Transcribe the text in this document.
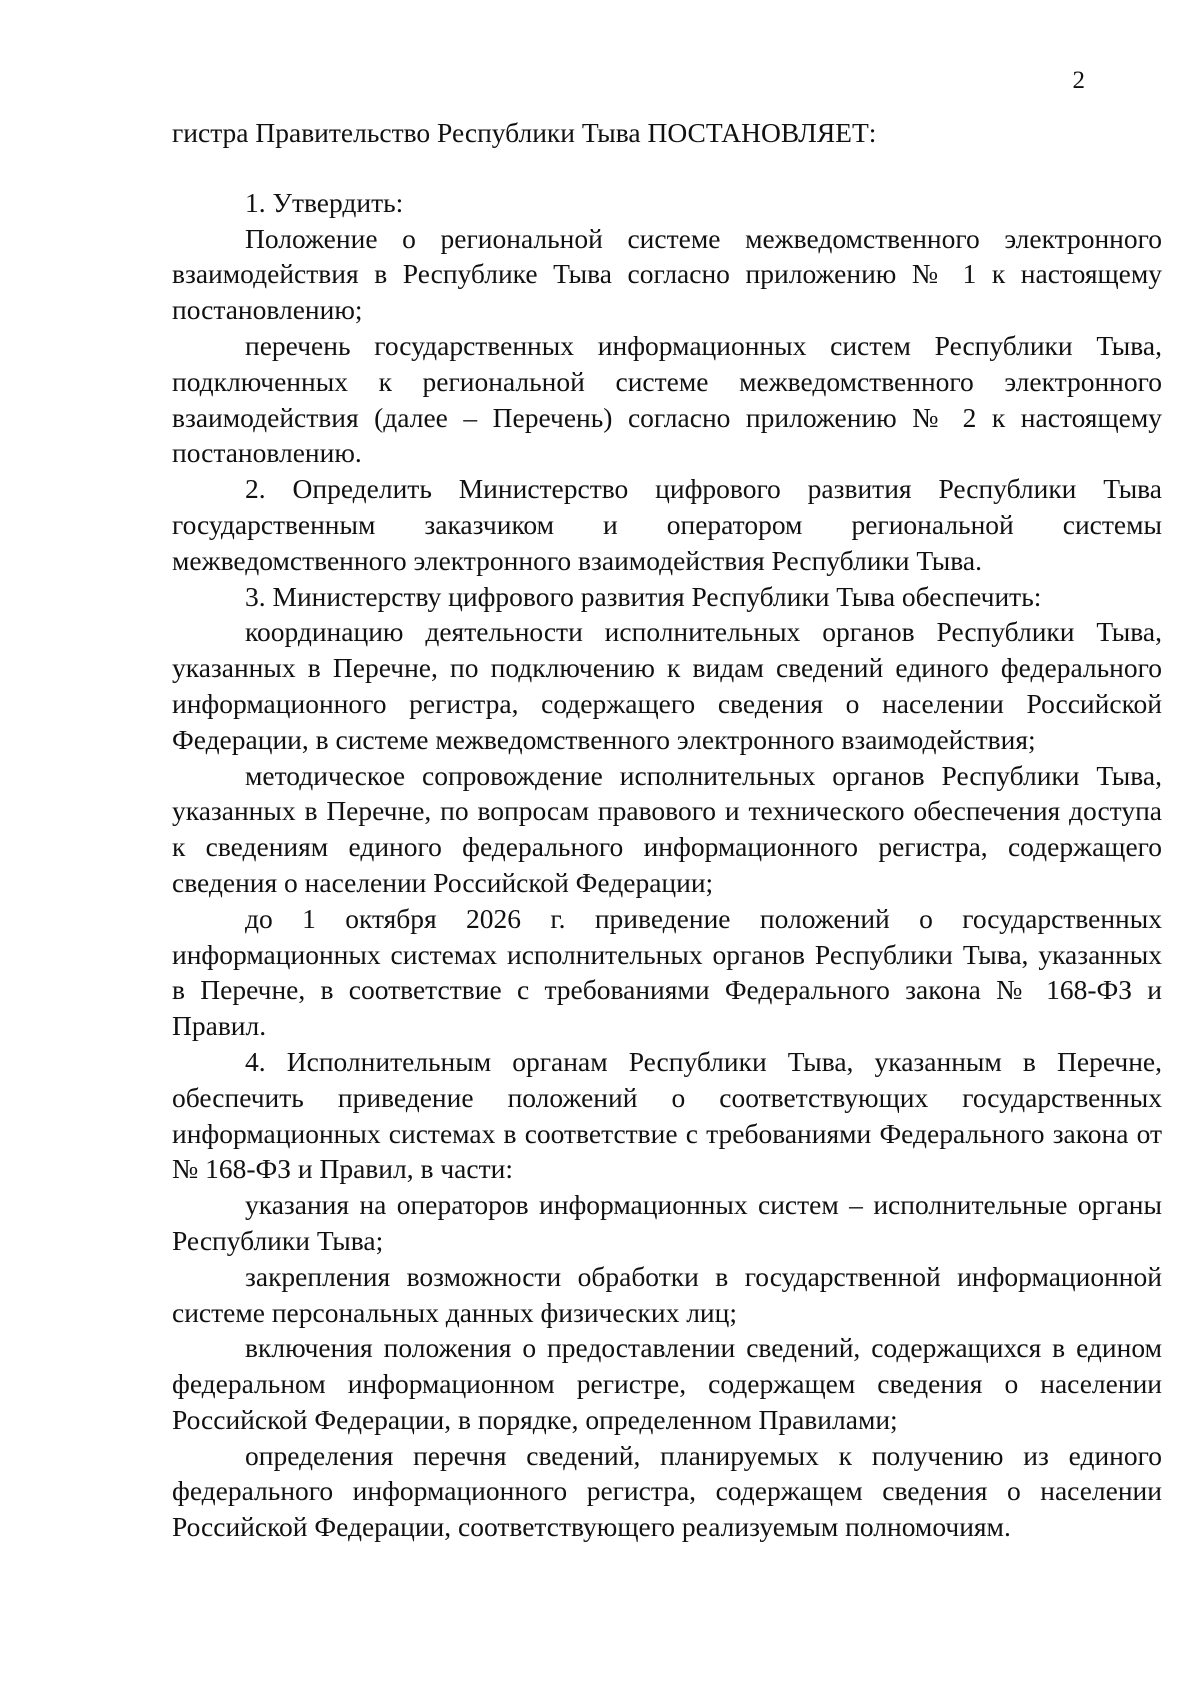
2

гистра Правительство Республики Тыва ПОСТАНОВЛЯЕТ:

1. Утвердить:

Положение о региональной системе межведомственного электронного взаимодействия в Республике Тыва согласно приложению № 1 к настоящему постановлению;

перечень государственных информационных систем Республики Тыва, подключенных к региональной системе межведомственного электронного взаимодействия (далее – Перечень) согласно приложению № 2 к настоящему постановлению.

2. Определить Министерство цифрового развития Республики Тыва государственным заказчиком и оператором региональной системы межведомственного электронного взаимодействия Республики Тыва.

3. Министерству цифрового развития Республики Тыва обеспечить:

координацию деятельности исполнительных органов Республики Тыва, указанных в Перечне, по подключению к видам сведений единого федерального информационного регистра, содержащего сведения о населении Российской Федерации, в системе межведомственного электронного взаимодействия;

методическое сопровождение исполнительных органов Республики Тыва, указанных в Перечне, по вопросам правового и технического обеспечения доступа к сведениям единого федерального информационного регистра, содержащего сведения о населении Российской Федерации;

до 1 октября 2026 г. приведение положений о государственных информационных системах исполнительных органов Республики Тыва, указанных в Перечне, в соответствие с требованиями Федерального закона № 168-ФЗ и Правил.

4. Исполнительным органам Республики Тыва, указанным в Перечне, обеспечить приведение положений о соответствующих государственных информационных системах в соответствие с требованиями Федерального закона от № 168-ФЗ и Правил, в части:

указания на операторов информационных систем – исполнительные органы Республики Тыва;

закрепления возможности обработки в государственной информационной системе персональных данных физических лиц;

включения положения о предоставлении сведений, содержащихся в едином федеральном информационном регистре, содержащем сведения о населении Российской Федерации, в порядке, определенном Правилами;

определения перечня сведений, планируемых к получению из единого федерального информационного регистра, содержащем сведения о населении Российской Федерации, соответствующего реализуемым полномочиям.
